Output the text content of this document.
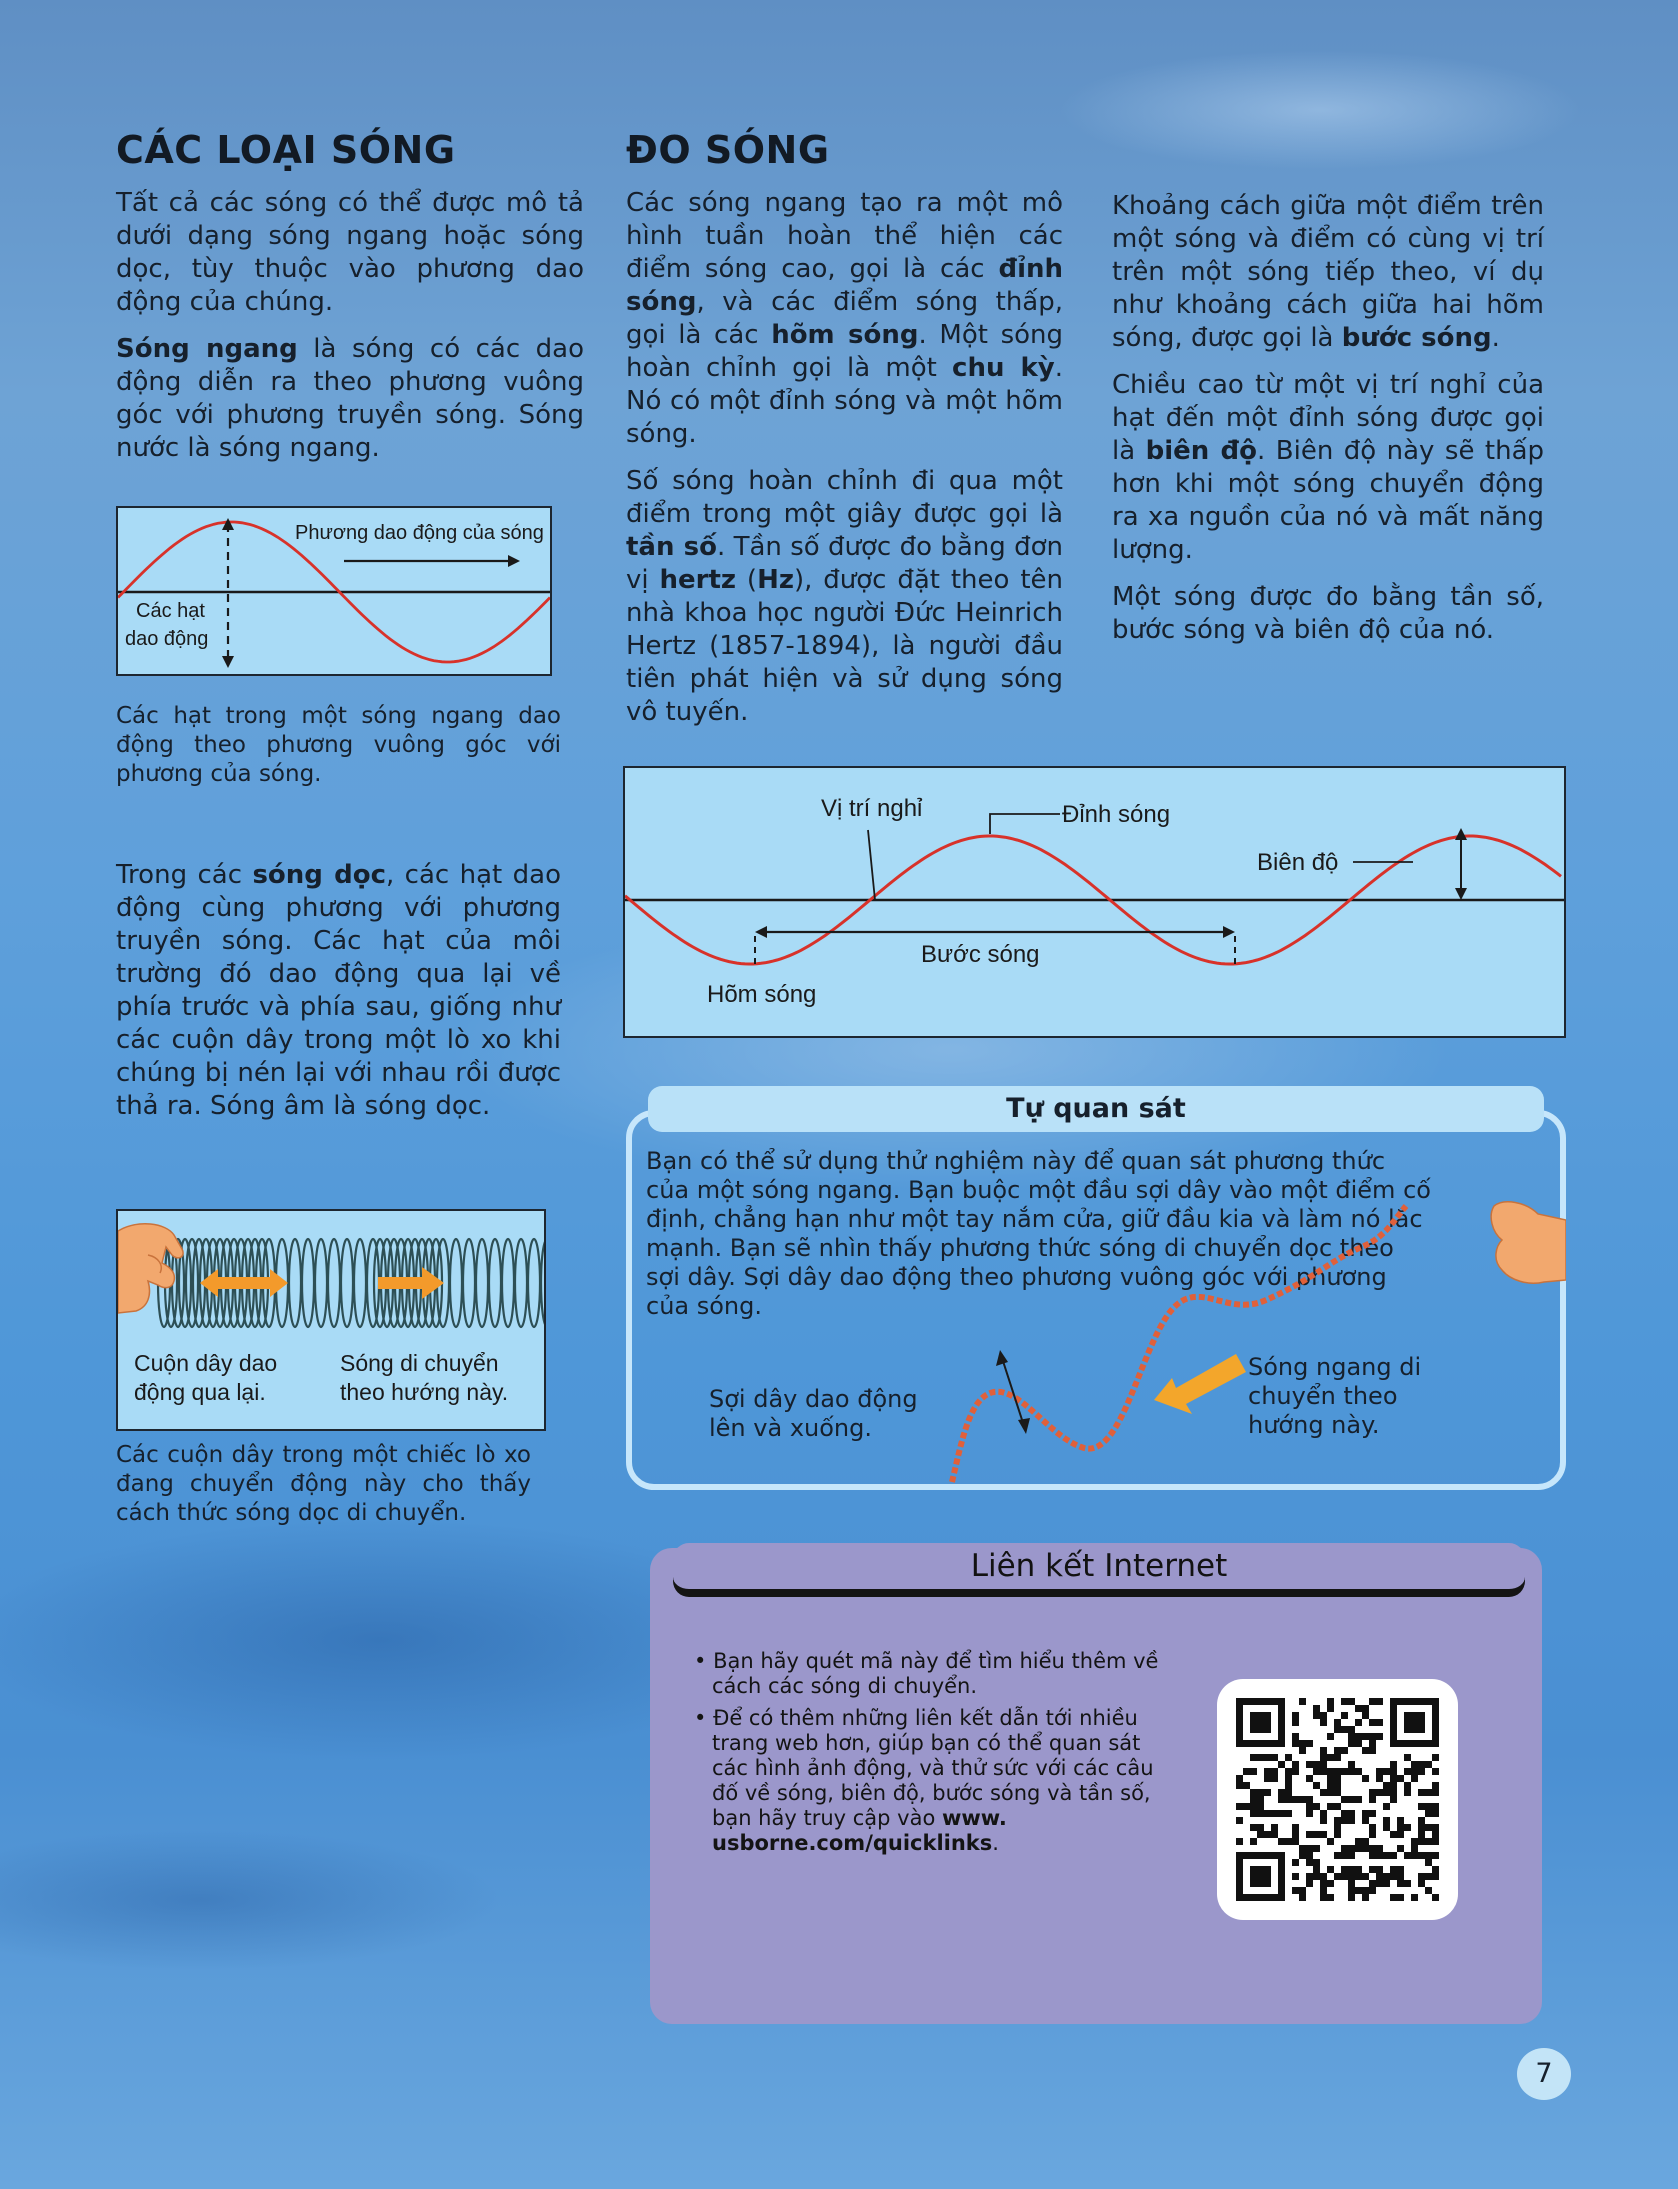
CÁC LOẠI SÓNG

Tất cả các sóng có thể được mô tả dưới dạng sóng ngang hoặc sóng dọc, tùy thuộc vào phương dao động của chúng.

Sóng ngang là sóng có các dao động diễn ra theo phương vuông góc với phương truyền sóng. Sóng nước là sóng ngang.

Phương dao động của sóng
Các hạt
dao động
Các hạt trong một sóng ngang dao động theo phương vuông góc với phương của sóng.
Trong các sóng dọc, các hạt dao động cùng phương với phương truyền sóng. Các hạt của môi trường đó dao động qua lại về phía trước và phía sau, giống như các cuộn dây trong một lò xo khi chúng bị nén lại với nhau rồi được thả ra. Sóng âm là sóng dọc.
Cuộn dây dao
động qua lại.
Sóng di chuyển
theo hướng này.
Các cuộn dây trong một chiếc lò xo đang chuyển động này cho thấy cách thức sóng dọc di chuyển.
ĐO SÓNG

Các sóng ngang tạo ra một mô hình tuần hoàn thể hiện các điểm sóng cao, gọi là các đỉnh sóng, và các điểm sóng thấp, gọi là các hõm sóng. Một sóng hoàn chỉnh gọi là một chu kỳ. Nó có một đỉnh sóng và một hõm sóng.

Số sóng hoàn chỉnh đi qua một điểm trong một giây được gọi là tần số. Tần số được đo bằng đơn vị hertz (Hz), được đặt theo tên nhà khoa học người Đức Heinrich Hertz (1857-1894), là người đầu tiên phát hiện và sử dụng sóng vô tuyến.

Khoảng cách giữa một điểm trên một sóng và điểm có cùng vị trí trên một sóng tiếp theo, ví dụ như khoảng cách giữa hai hõm sóng, được gọi là bước sóng.

Chiều cao từ một vị trí nghỉ của hạt đến một đỉnh sóng được gọi là biên độ. Biên độ này sẽ thấp hơn khi một sóng chuyển động ra xa nguồn của nó và mất năng lượng.

Một sóng được đo bằng tần số, bước sóng và biên độ của nó.

Vị trí nghỉ	Đỉnh sóng
Biên độ
Bước sóng
Hõm sóng
Tự quan sát
Bạn có thể sử dụng thử nghiệm này để quan sát phương thức của một sóng ngang. Bạn buộc một đầu sợi dây vào một điểm cố định, chẳng hạn như một tay nắm cửa, giữ đầu kia và làm nó lắc mạnh. Bạn sẽ nhìn thấy phương thức sóng di chuyển dọc theo sợi dây. Sợi dây dao động theo phương vuông góc với phương của sóng.
Sợi dây dao động
lên và xuống.
Sóng ngang di
chuyển theo
hướng này.
Liên kết Internet
• Bạn hãy quét mã này để tìm hiểu thêm về cách các sóng di chuyển.
• Để có thêm những liên kết dẫn tới nhiều trang web hơn, giúp bạn có thể quan sát các hình ảnh động, và thử sức với các câu đố về sóng, biên độ, bước sóng và tần số, bạn hãy truy cập vào www. usborne.com/quicklinks.
7
